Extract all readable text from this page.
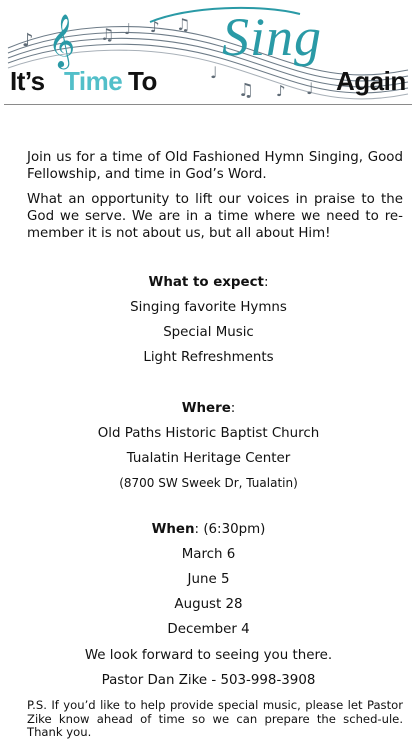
𝄞
♪	♫ ♩ ♪ ♫
♩
♫ ♪ ♩
Sing
It’s Time To	Again

Join us for a time of Old Fashioned Hymn Singing, Good Fellowship, and time in God’s Word.

What an opportunity to lift our voices in praise to the God we serve. We are in a time where we need to re-member it is not about us, but all about Him!

What to expect:

Singing favorite Hymns

Special Music

Light Refreshments

Where:

Old Paths Historic Baptist Church

Tualatin Heritage Center

(8700 SW Sweek Dr, Tualatin)

When: (6:30pm)

March 6

June 5

August 28

December 4

We look forward to seeing you there.

Pastor Dan Zike - 503-998-3908

P.S. If you’d like to help provide special music, please let Pastor Zike know ahead of time so we can prepare the sched-ule. Thank you.
